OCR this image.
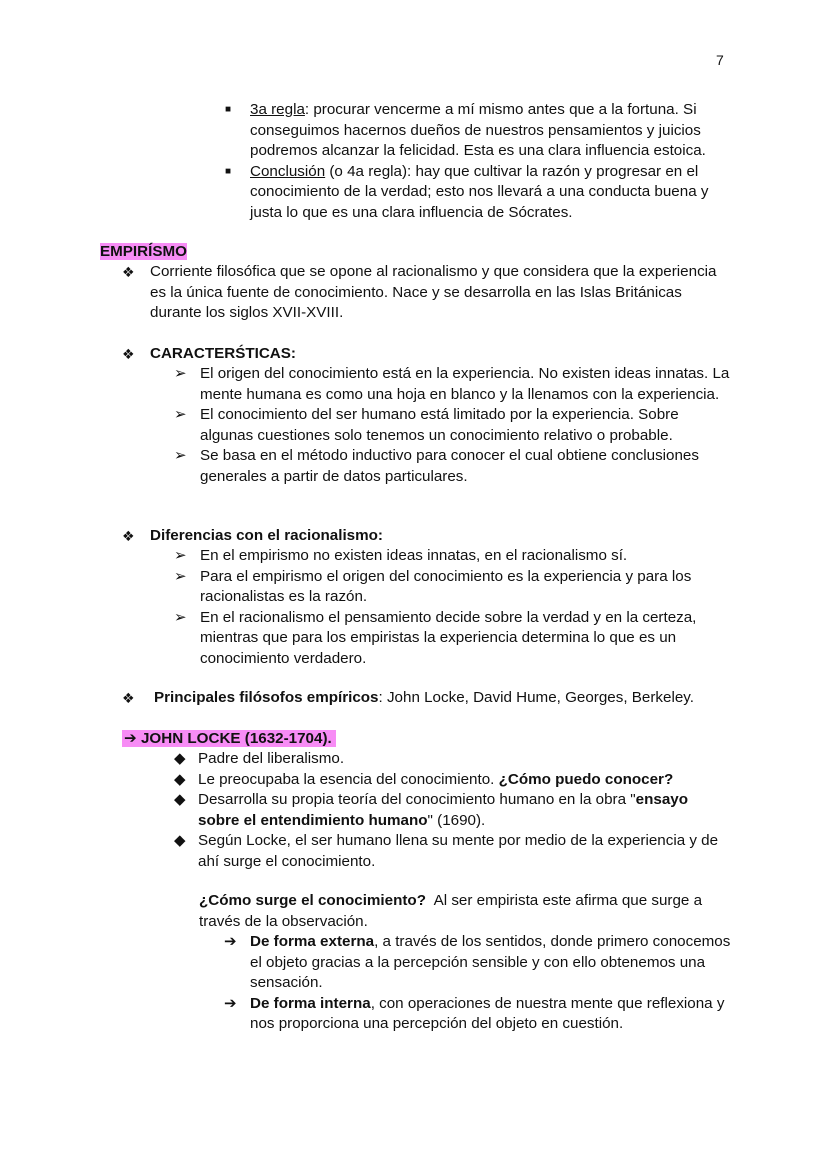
7
■	3a regla: procurar vencerme a mí mismo antes que a la fortuna. Si conseguimos hacernos dueños de nuestros pensamientos y juicios podremos alcanzar la felicidad. Esta es una clara influencia estoica.
■	Conclusión (o 4a regla): hay que cultivar la razón y progresar en el conocimiento de la verdad; esto nos llevará a una conducta buena y justa lo que es una clara influencia de Sócrates.
EMPIRÍSMO
❖	Corriente filosófica que se opone al racionalismo y que considera que la experiencia es la única fuente de conocimiento. Nace y se desarrolla en las Islas Británicas durante los siglos XVII-XVIII.
❖	CARACTERŚTICAS:
➢ El origen del conocimiento está en la experiencia. No existen ideas innatas. La mente humana es como una hoja en blanco y la llenamos con la experiencia.
➢ El conocimiento del ser humano está limitado por la experiencia. Sobre algunas cuestiones solo tenemos un conocimiento relativo o probable.
➢ Se basa en el método inductivo para conocer el cual obtiene conclusiones generales a partir de datos particulares.
❖	Diferencias con el racionalismo:
➢ En el empirismo no existen ideas innatas, en el racionalismo sí.
➢ Para el empirismo el origen del conocimiento es la experiencia y para los racionalistas es la razón.
➢ En el racionalismo el pensamiento decide sobre la verdad y en la certeza, mientras que para los empiristas la experiencia determina lo que es un conocimiento verdadero.
❖	Principales filósofos empíricos: John Locke, David Hume, Georges, Berkeley.
➔ JOHN LOCKE (1632-1704).
◆ Padre del liberalismo.
◆ Le preocupaba la esencia del conocimiento. ¿Cómo puedo conocer?
◆ Desarrolla su propia teoría del conocimiento humano en la obra "ensayo sobre el entendimiento humano" (1690).
◆ Según Locke, el ser humano llena su mente por medio de la experiencia y de ahí surge el conocimiento.
¿Cómo surge el conocimiento?  Al ser empirista este afirma que surge a través de la observación.
➔ De forma externa, a través de los sentidos, donde primero conocemos el objeto gracias a la percepción sensible y con ello obtenemos una sensación.
➔ De forma interna, con operaciones de nuestra mente que reflexiona y nos proporciona una percepción del objeto en cuestión.
